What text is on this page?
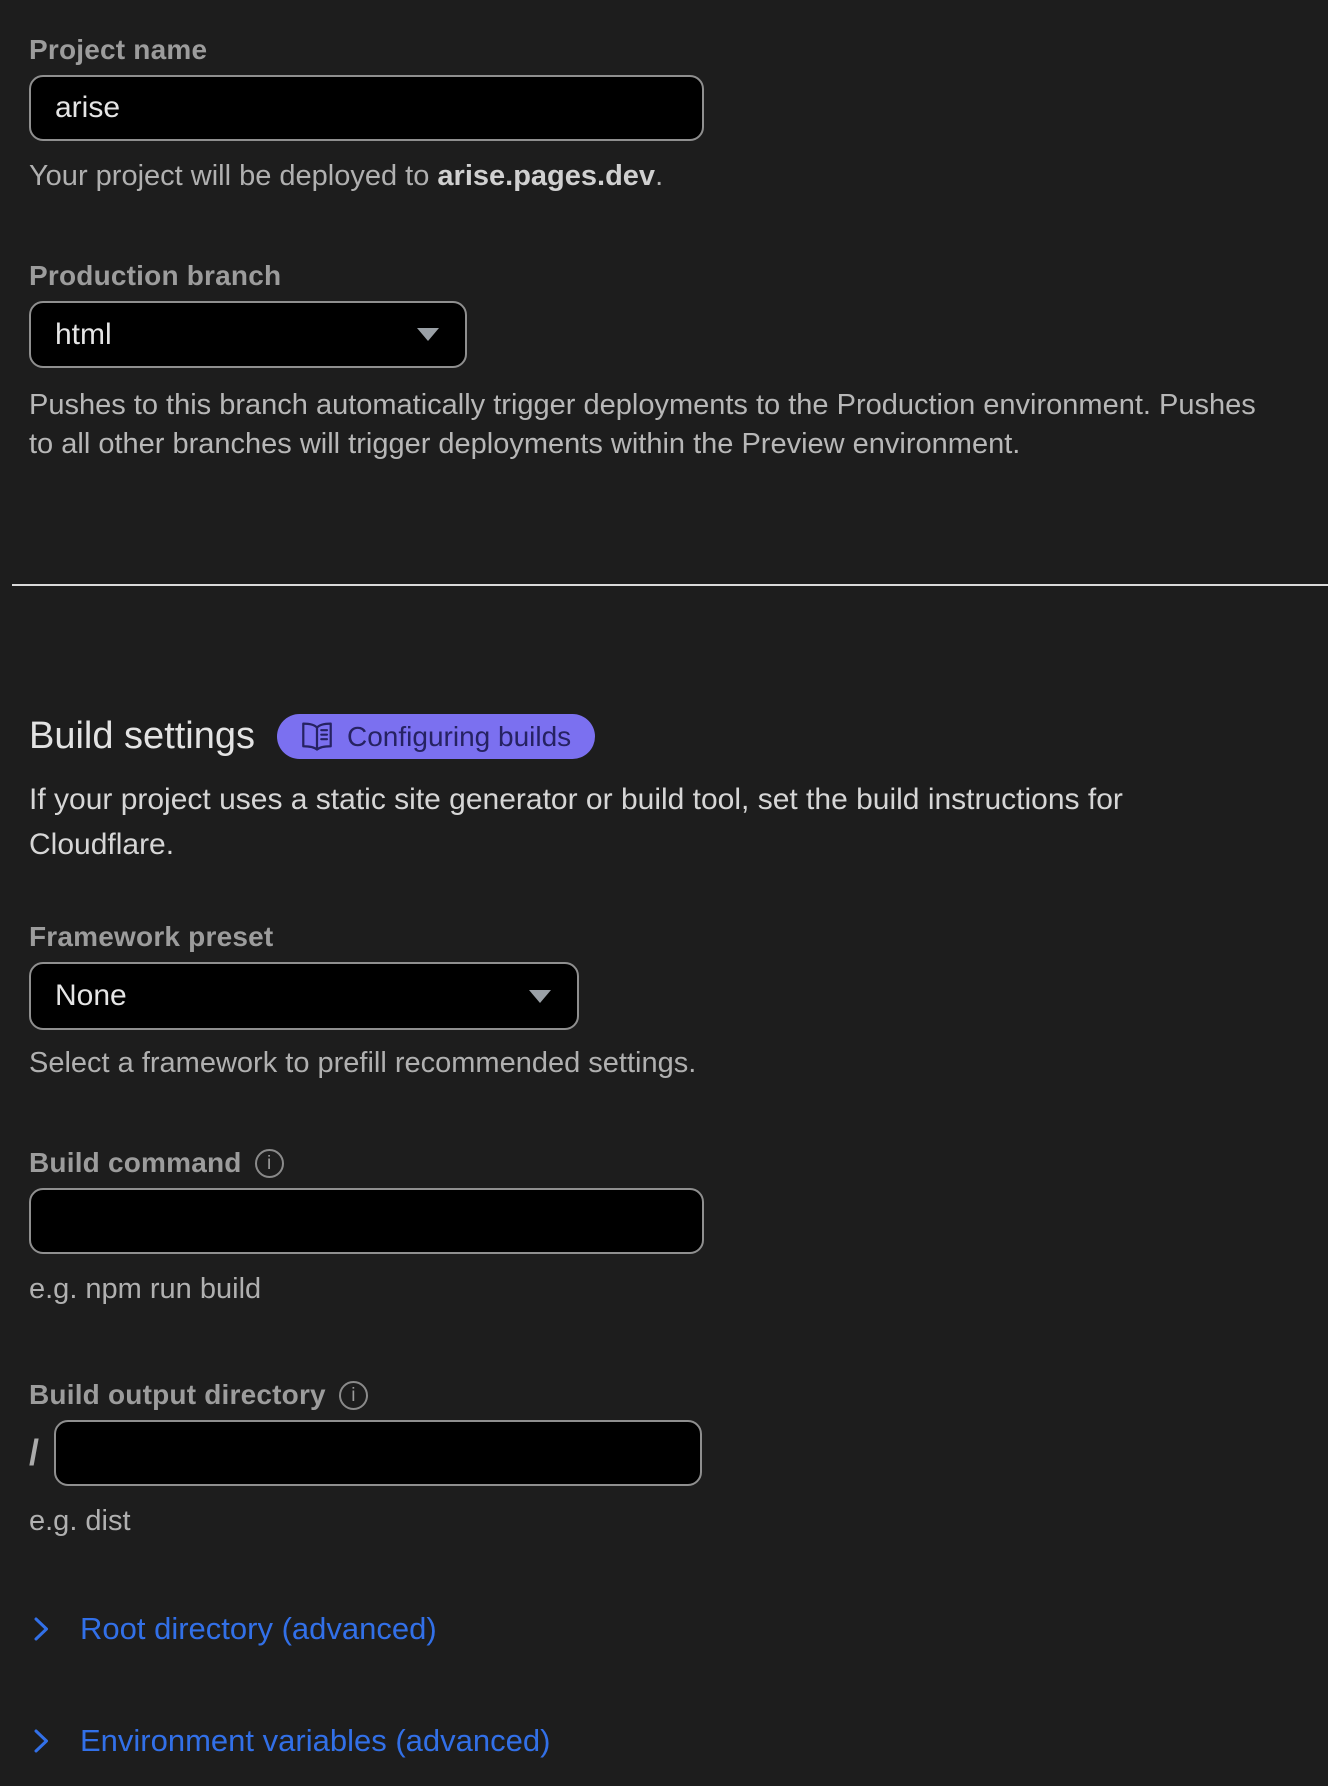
Project name
arise

Your project will be deployed to arise.pages.dev.

Production branch
html

Pushes to this branch automatically trigger deployments to the Production environment. Pushes to all other branches will trigger deployments within the Preview environment.

Build settings	Configuring builds

If your project uses a static site generator or build tool, set the build instructions for Cloudflare.

Framework preset
None

Select a framework to prefill recommended settings.

Build command
i

e.g. npm run build

Build output directory
i
/

e.g. dist

Root directory (advanced)
Environment variables (advanced)
